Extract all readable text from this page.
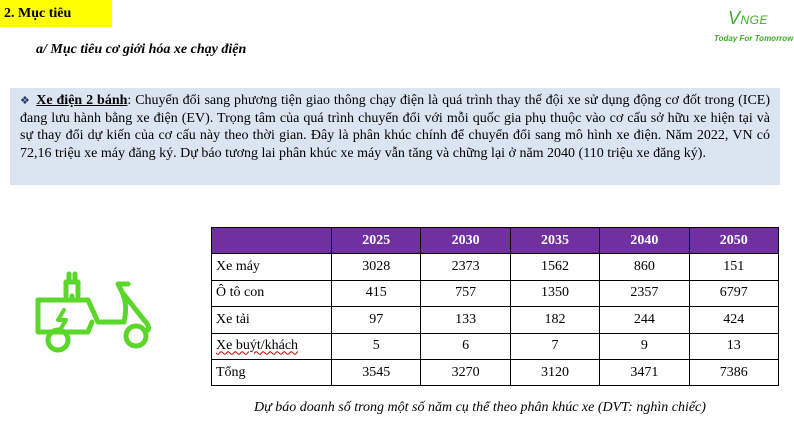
2. Mục tiêu	VNGE
Today For Tomorrow
a/ Mục tiêu cơ giới hóa xe chạy điện
❖ Xe điện 2 bánh: Chuyển đổi sang phương tiện giao thông chạy điện là quá trình thay thế đội xe sử dụng động cơ đốt trong (ICE) đang lưu hành bằng xe điện (EV). Trọng tâm của quá trình chuyển đổi với mỗi quốc gia phụ thuộc vào cơ cấu sở hữu xe hiện tại và sự thay đổi dự kiến của cơ cấu này theo thời gian. Đây là phân khúc chính để chuyển đổi sang mô hình xe điện. Năm 2022, VN có 72,16 triệu xe máy đăng ký. Dự báo tương lai phân khúc xe máy vẫn tăng và chững lại ở năm 2040 (110 triệu xe đăng ký).
	2025	2030	2035	2040	2050
Xe máy	3028	2373	1562	860	151
Ô tô con	415	757	1350	2357	6797
Xe tải	97	133	182	244	424
Xe buýt/khách	5	6	7	9	13
Tổng	3545	3270	3120	3471	7386
Dự báo doanh số trong một số năm cụ thể theo phân khúc xe (DVT: nghìn chiếc)
